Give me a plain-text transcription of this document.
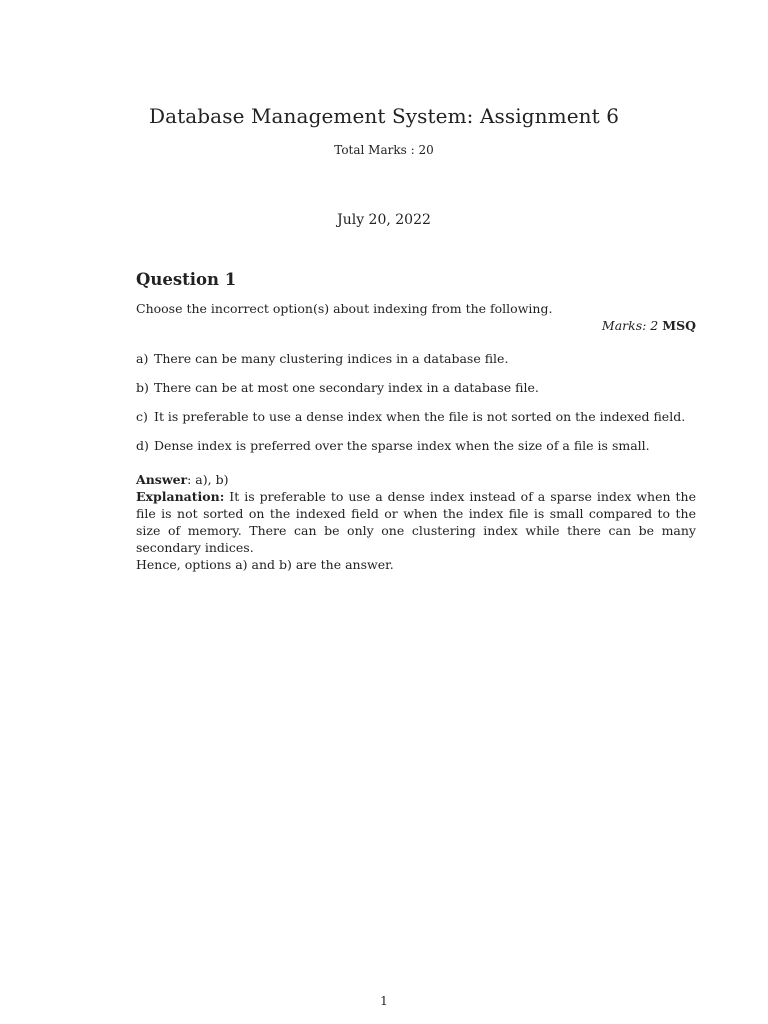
Database Management System: Assignment 6
Total Marks : 20
July 20, 2022
Question 1

Choose the incorrect option(s) about indexing from the following.

Marks: 2 MSQ

a) There can be many clustering indices in a database file.
b) There can be at most one secondary index in a database file.
c) It is preferable to use a dense index when the file is not sorted on the indexed field.
d) Dense index is preferred over the sparse index when the size of a file is small.

Answer: a), b)

Explanation: It is preferable to use a dense index instead of a sparse index when the file is not sorted on the indexed field or when the index file is small compared to the size of memory. There can be only one clustering index while there can be many secondary indices.

Hence, options a) and b) are the answer.

1
